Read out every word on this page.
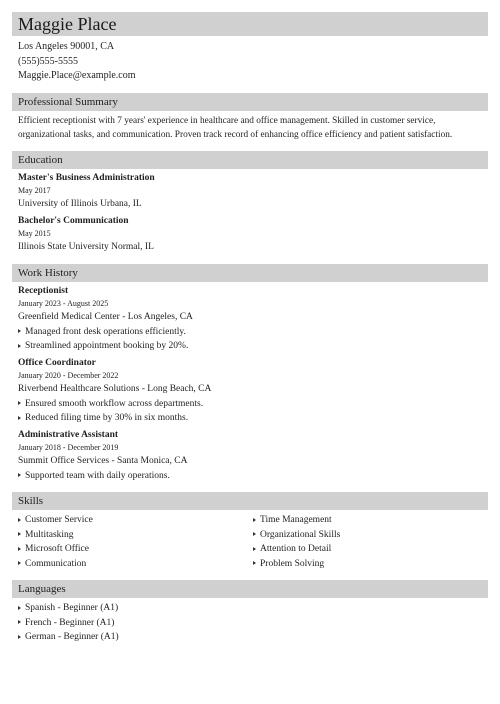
Maggie Place
Los Angeles 90001, CA
(555)555-5555
Maggie.Place@example.com
Professional Summary
Efficient receptionist with 7 years' experience in healthcare and office management. Skilled in customer service, organizational tasks, and communication. Proven track record of enhancing office efficiency and patient satisfaction.
Education
Master's Business Administration
May 2017
University of Illinois Urbana, IL
Bachelor's Communication
May 2015
Illinois State University Normal, IL
Work History
Receptionist
January 2023 - August 2025
Greenfield Medical Center - Los Angeles, CA
Managed front desk operations efficiently.
Streamlined appointment booking by 20%.
Office Coordinator
January 2020 - December 2022
Riverbend Healthcare Solutions - Long Beach, CA
Ensured smooth workflow across departments.
Reduced filing time by 30% in six months.
Administrative Assistant
January 2018 - December 2019
Summit Office Services - Santa Monica, CA
Supported team with daily operations.
Skills
Customer Service
Multitasking
Microsoft Office
Communication
Time Management
Organizational Skills
Attention to Detail
Problem Solving
Languages
Spanish - Beginner (A1)
French - Beginner (A1)
German - Beginner (A1)
